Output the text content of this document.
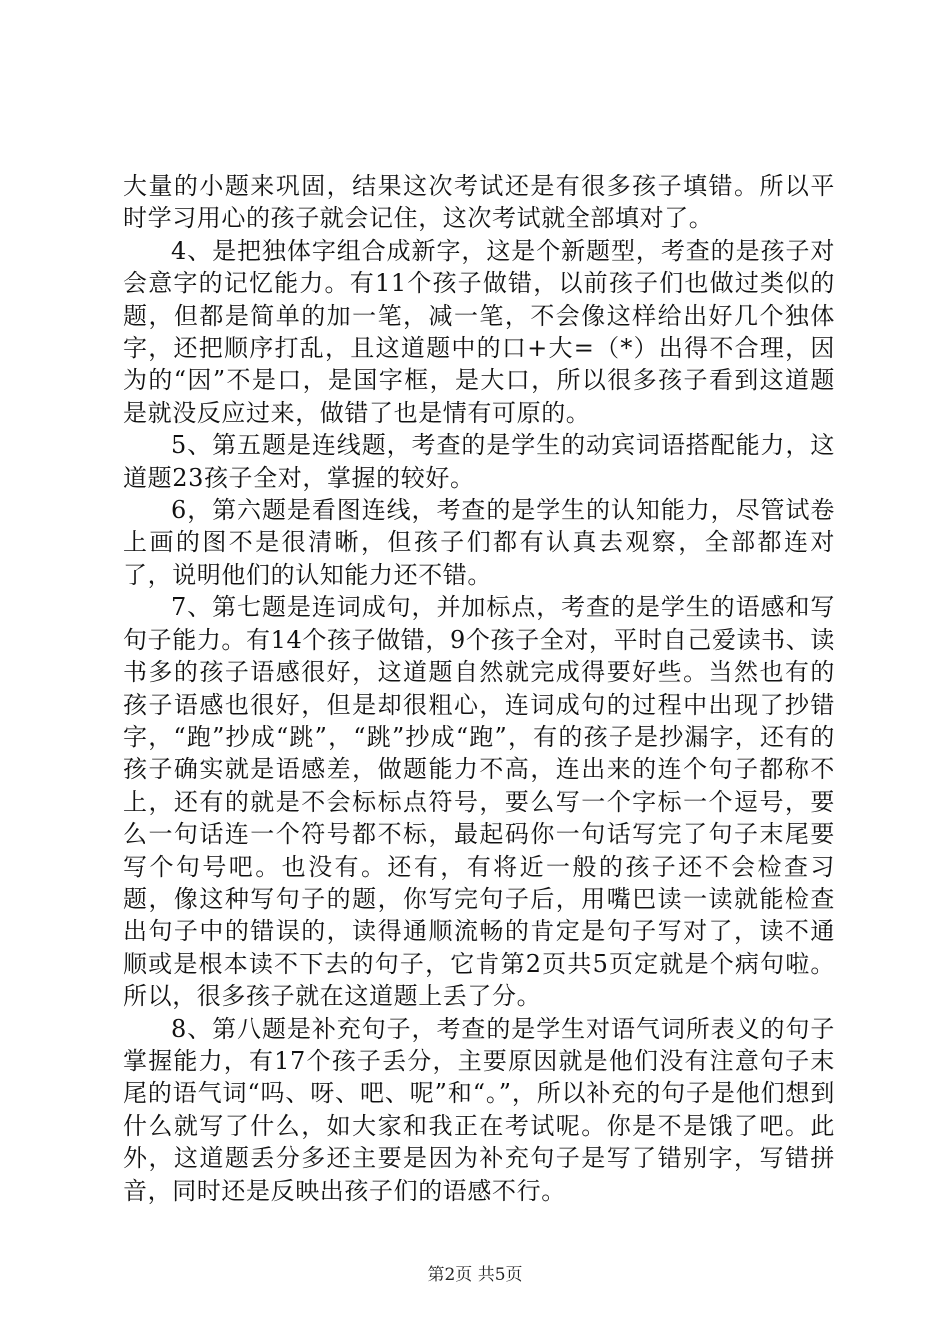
大量的小题来巩固，结果这次考试还是有很多孩子填错。所以平时学习用心的孩子就会记住，这次考试就全部填对了。

4、是把独体字组合成新字，这是个新题型，考查的是孩子对会意字的记忆能力。有11个孩子做错，以前孩子们也做过类似的题，但都是简单的加一笔，减一笔，不会像这样给出好几个独体字，还把顺序打乱，且这道题中的口+大=（*）出得不合理，因为的“因”不是口，是国字框，是大口，所以很多孩子看到这道题是就没反应过来，做错了也是情有可原的。

5、第五题是连线题，考查的是学生的动宾词语搭配能力，这道题23孩子全对，掌握的较好。

6，第六题是看图连线，考查的是学生的认知能力，尽管试卷上画的图不是很清晰，但孩子们都有认真去观察，全部都连对了，说明他们的认知能力还不错。

7、第七题是连词成句，并加标点，考查的是学生的语感和写句子能力。有14个孩子做错，9个孩子全对，平时自己爱读书、读书多的孩子语感很好，这道题自然就完成得要好些。当然也有的孩子语感也很好，但是却很粗心，连词成句的过程中出现了抄错字，“跑”抄成“跳”，“跳”抄成“跑”，有的孩子是抄漏字，还有的孩子确实就是语感差，做题能力不高，连出来的连个句子都称不上，还有的就是不会标标点符号，要么写一个字标一个逗号，要么一句话连一个符号都不标，最起码你一句话写完了句子末尾要写个句号吧。也没有。还有，有将近一般的孩子还不会检查习题，像这种写句子的题，你写完句子后，用嘴巴读一读就能检查出句子中的错误的，读得通顺流畅的肯定是句子写对了，读不通顺或是根本读不下去的句子，它肯第2页共5页定就是个病句啦。所以，很多孩子就在这道题上丢了分。

8、第八题是补充句子，考查的是学生对语气词所表义的句子掌握能力，有17个孩子丢分，主要原因就是他们没有注意句子末尾的语气词“吗、呀、吧、呢”和“。”，所以补充的句子是他们想到什么就写了什么，如大家和我正在考试呢。你是不是饿了吧。此外，这道题丢分多还主要是因为补充句子是写了错别字，写错拼音，同时还是反映出孩子们的语感不行。

第2页 共5页
